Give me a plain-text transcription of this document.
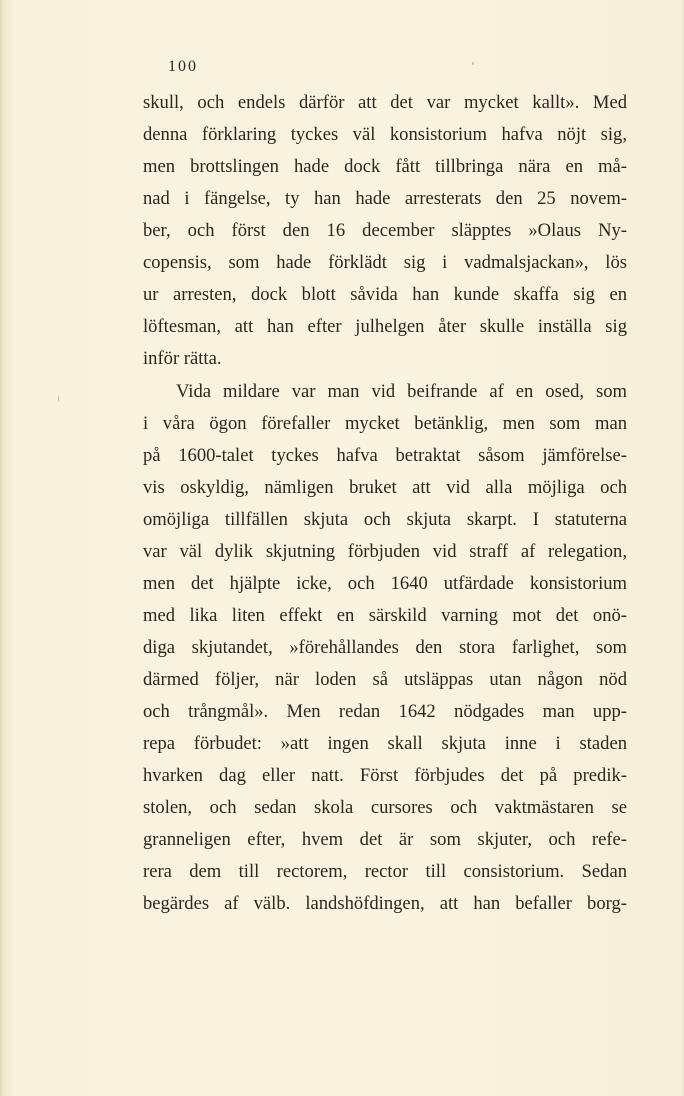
100
skull, och endels därför att det var mycket kallt». Med
denna förklaring tyckes väl konsistorium hafva nöjt sig,
men brottslingen hade dock fått tillbringa nära en må-
nad i fängelse, ty han hade arresterats den 25 novem-
ber, och först den 16 december släpptes »Olaus Ny-
copensis, som hade förklädt sig i vadmalsjackan», lös
ur arresten, dock blott såvida han kunde skaffa sig en
löftesman, att han efter julhelgen åter skulle inställa sig
inför rätta.
Vida mildare var man vid beifrande af en osed, som
i våra ögon förefaller mycket betänklig, men som man
på 1600-talet tyckes hafva betraktat såsom jämförelse-
vis oskyldig, nämligen bruket att vid alla möjliga och
omöjliga tillfällen skjuta och skjuta skarpt. I statuterna
var väl dylik skjutning förbjuden vid straff af relegation,
men det hjälpte icke, och 1640 utfärdade konsistorium
med lika liten effekt en särskild varning mot det onö-
diga skjutandet, »förehållandes den stora farlighet, som
därmed följer, när loden så utsläppas utan någon nöd
och trångmål». Men redan 1642 nödgades man upp-
repa förbudet: »att ingen skall skjuta inne i staden
hvarken dag eller natt. Först förbjudes det på predik-
stolen, och sedan skola cursores och vaktmästaren se
granneligen efter, hvem det är som skjuter, och refe-
rera dem till rectorem, rector till consistorium. Sedan
begärdes af välb. landshöfdingen, att han befaller borg-
